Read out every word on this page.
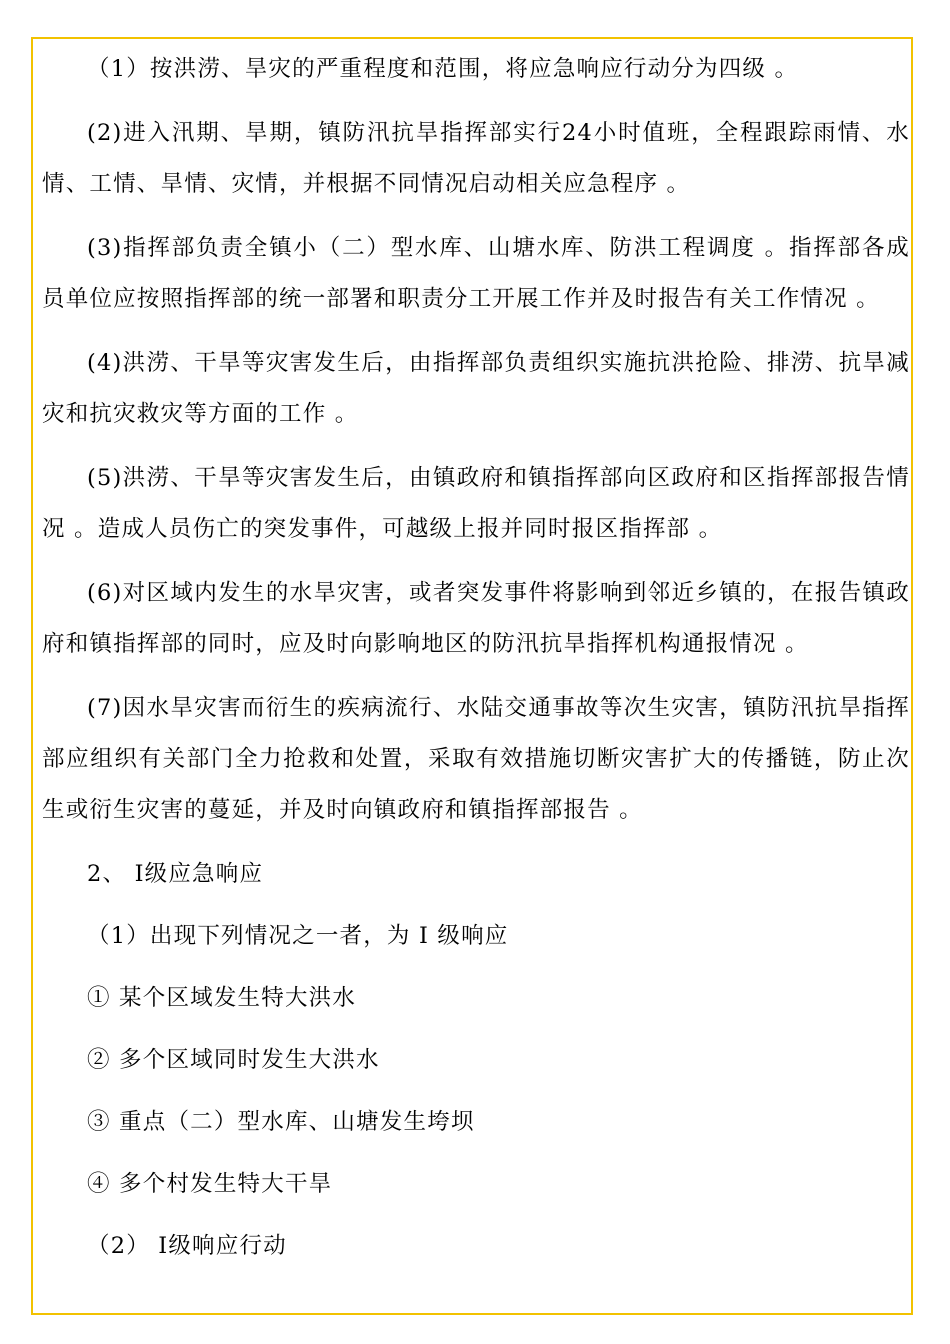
（1）按洪涝、旱灾的严重程度和范围，将应急响应行动分为四级 。

(2)进入汛期、旱期，镇防汛抗旱指挥部实行24小时值班，全程跟踪雨情、水情、工情、旱情、灾情，并根据不同情况启动相关应急程序 。

(3)指挥部负责全镇小（二）型水库、山塘水库、防洪工程调度 。指挥部各成员单位应按照指挥部的统一部署和职责分工开展工作并及时报告有关工作情况 。

(4)洪涝、干旱等灾害发生后，由指挥部负责组织实施抗洪抢险、排涝、抗旱减灾和抗灾救灾等方面的工作 。

(5)洪涝、干旱等灾害发生后，由镇政府和镇指挥部向区政府和区指挥部报告情况 。造成人员伤亡的突发事件，可越级上报并同时报区指挥部 。

(6)对区域内发生的水旱灾害，或者突发事件将影响到邻近乡镇的，在报告镇政府和镇指挥部的同时，应及时向影响地区的防汛抗旱指挥机构通报情况 。

(7)因水旱灾害而衍生的疾病流行、水陆交通事故等次生灾害，镇防汛抗旱指挥部应组织有关部门全力抢救和处置，采取有效措施切断灾害扩大的传播链，防止次生或衍生灾害的蔓延，并及时向镇政府和镇指挥部报告 。

2、 I级应急响应

（1）出现下列情况之一者，为 I 级响应

① 某个区域发生特大洪水

② 多个区域同时发生大洪水

③ 重点（二）型水库、山塘发生垮坝

④ 多个村发生特大干旱

（2） I级响应行动
